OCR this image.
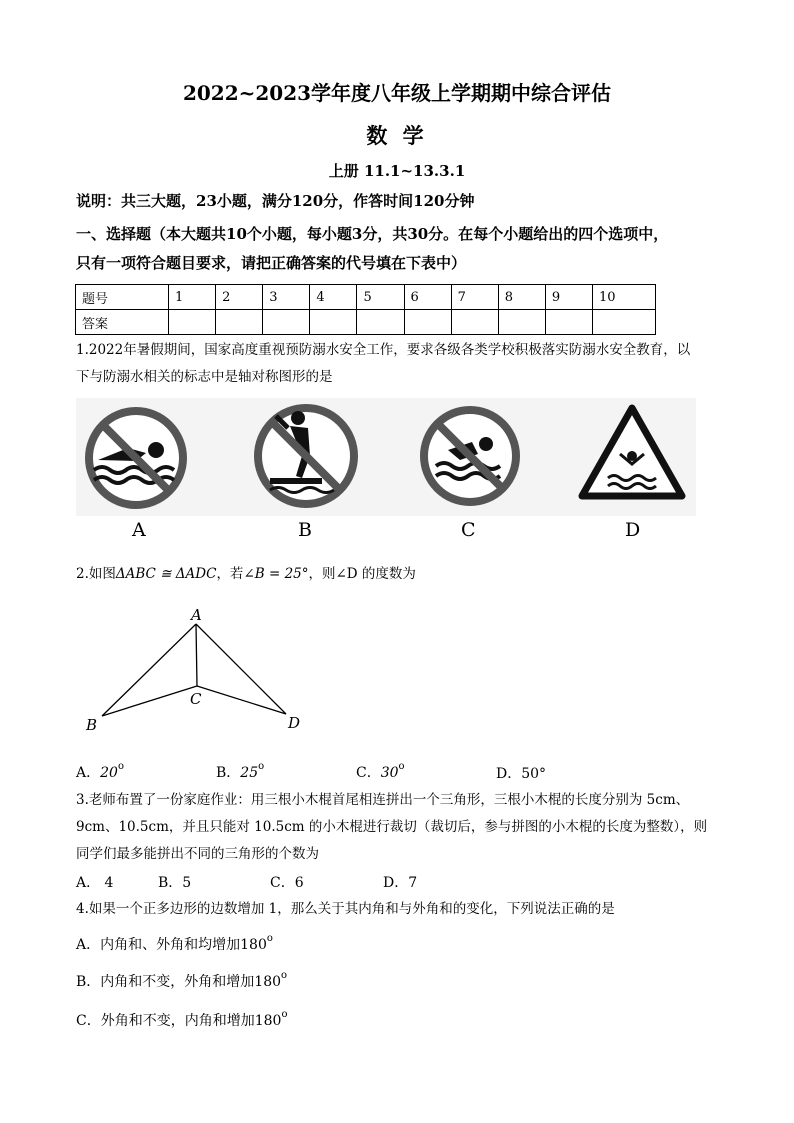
2022~2023学年度八年级上学期期中综合评估
数 学
上册 11.1~13.3.1
说明：共三大题，23小题，满分120分，作答时间120分钟
一、选择题（本大题共10个小题，每小题3分，共30分。在每个小题给出的四个选项中，
只有一项符合题目要求，请把正确答案的代号填在下表中）
题号	1	2	3	4	5	6	7	8	9	10
答案										
1.2022年暑假期间，国家高度重视预防溺水安全工作，要求各级各类学校积极落实防溺水安全教育，以
下与防溺水相关的标志中是轴对称图形的是
A	B	C	D
2.如图ΔABC ≅ ΔADC，若∠B = 25°，则∠D 的度数为
A
B
C
D
A．20$^o$	B．25$^o$	C．30$^o$	D．50°
3.老师布置了一份家庭作业：用三根小木棍首尾相连拼出一个三角形，三根小木棍的长度分别为 5cm、
9cm、10.5cm，并且只能对 10.5cm 的小木棍进行裁切（裁切后，参与拼图的小木棍的长度为整数），则
同学们最多能拼出不同的三角形的个数为
A． 4	B．5	C．6	D．7
4.如果一个正多边形的边数增加 1，那么关于其内角和与外角和的变化，下列说法正确的是
A．内角和、外角和均增加180$^o$
B．内角和不变，外角和增加180$^o$
C．外角和不变，内角和增加180$^o$
